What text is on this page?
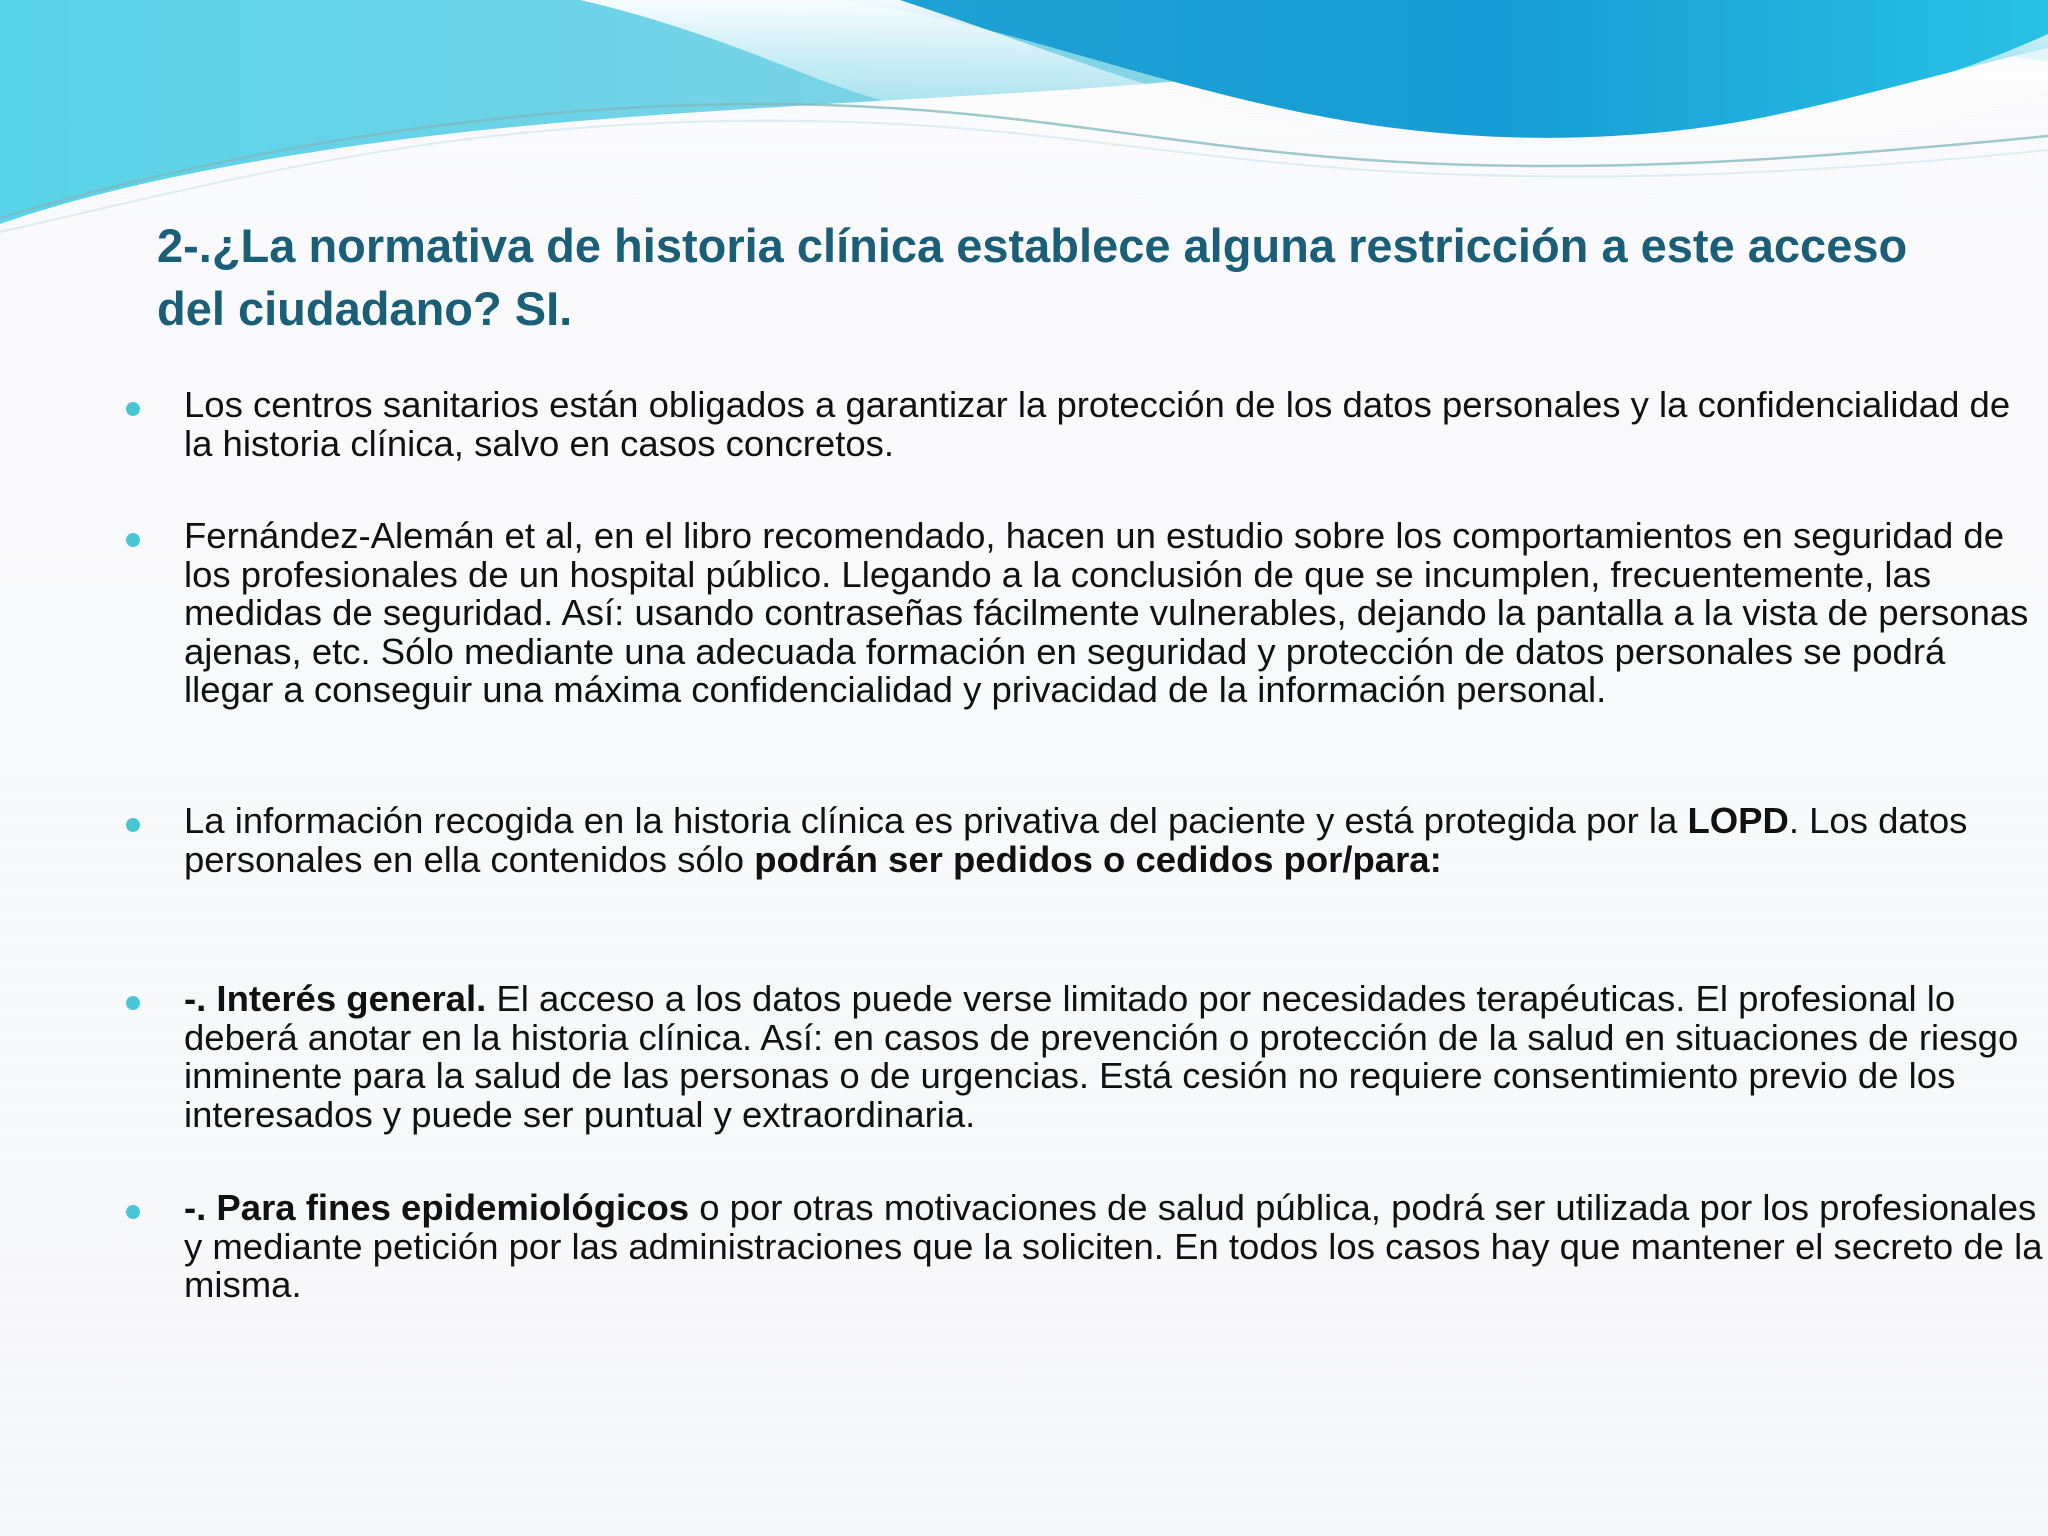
2-.¿La normativa de historia clínica establece alguna restricción a este acceso del ciudadano? SI.
Los centros sanitarios están obligados a garantizar la protección de los datos personales y la confidencialidad de la historia clínica, salvo en casos concretos.
Fernández-Alemán et al, en el libro recomendado, hacen un estudio sobre los comportamientos en seguridad de los profesionales de un hospital público. Llegando a la conclusión de que se incumplen, frecuentemente, las medidas de seguridad. Así: usando contraseñas fácilmente vulnerables, dejando la pantalla a la vista de personas ajenas, etc. Sólo mediante una adecuada formación en seguridad y protección de datos personales se podrá llegar a conseguir una máxima confidencialidad y privacidad de la información personal.
La información recogida en la historia clínica es privativa del paciente y está protegida por la LOPD. Los datos personales en ella contenidos sólo podrán ser pedidos o cedidos por/para:
-. Interés general. El acceso a los datos puede verse limitado por necesidades terapéuticas. El profesional lo deberá anotar en la historia clínica. Así: en casos de prevención o protección de la salud en situaciones de riesgo inminente para la salud de las personas o de urgencias. Está cesión no requiere consentimiento previo de los interesados y puede ser puntual y extraordinaria.
-. Para fines epidemiológicos o por otras motivaciones de salud pública, podrá ser utilizada por los profesionales y mediante petición por las administraciones que la soliciten. En todos los casos hay que mantener el secreto de la misma.
